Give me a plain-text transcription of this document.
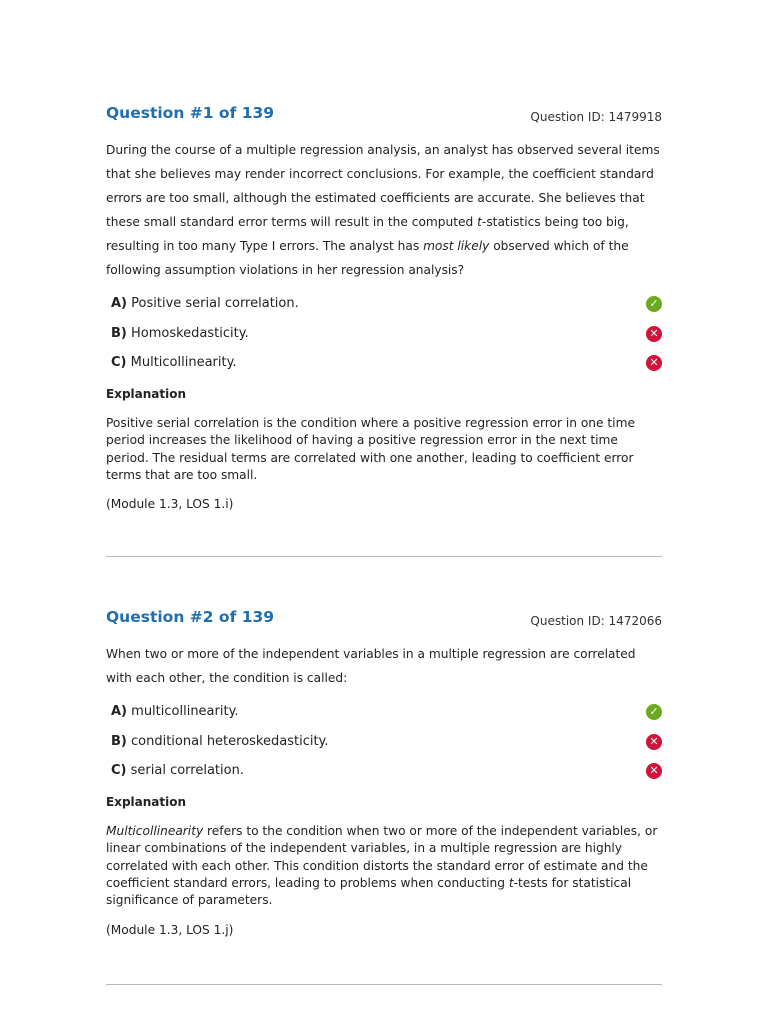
Question #1 of 139	Question ID: 1479918

During the course of a multiple regression analysis, an analyst has observed several items that she believes may render incorrect conclusions. For example, the coefficient standard errors are too small, although the estimated coefficients are accurate. She believes that these small standard error terms will result in the computed t-statistics being too big, resulting in too many Type I errors. The analyst has most likely observed which of the following assumption violations in her regression analysis?

A) Positive serial correlation.	✓
B) Homoskedasticity.	✕
C) Multicollinearity.	✕
Explanation
Positive serial correlation is the condition where a positive regression error in one time period increases the likelihood of having a positive regression error in the next time period. The residual terms are correlated with one another, leading to coefficient error terms that are too small.
(Module 1.3, LOS 1.i)
Question #2 of 139	Question ID: 1472066

When two or more of the independent variables in a multiple regression are correlated with each other, the condition is called:

A) multicollinearity.	✓
B) conditional heteroskedasticity.	✕
C) serial correlation.	✕
Explanation
Multicollinearity refers to the condition when two or more of the independent variables, or linear combinations of the independent variables, in a multiple regression are highly correlated with each other. This condition distorts the standard error of estimate and the coefficient standard errors, leading to problems when conducting t-tests for statistical significance of parameters.
(Module 1.3, LOS 1.j)
